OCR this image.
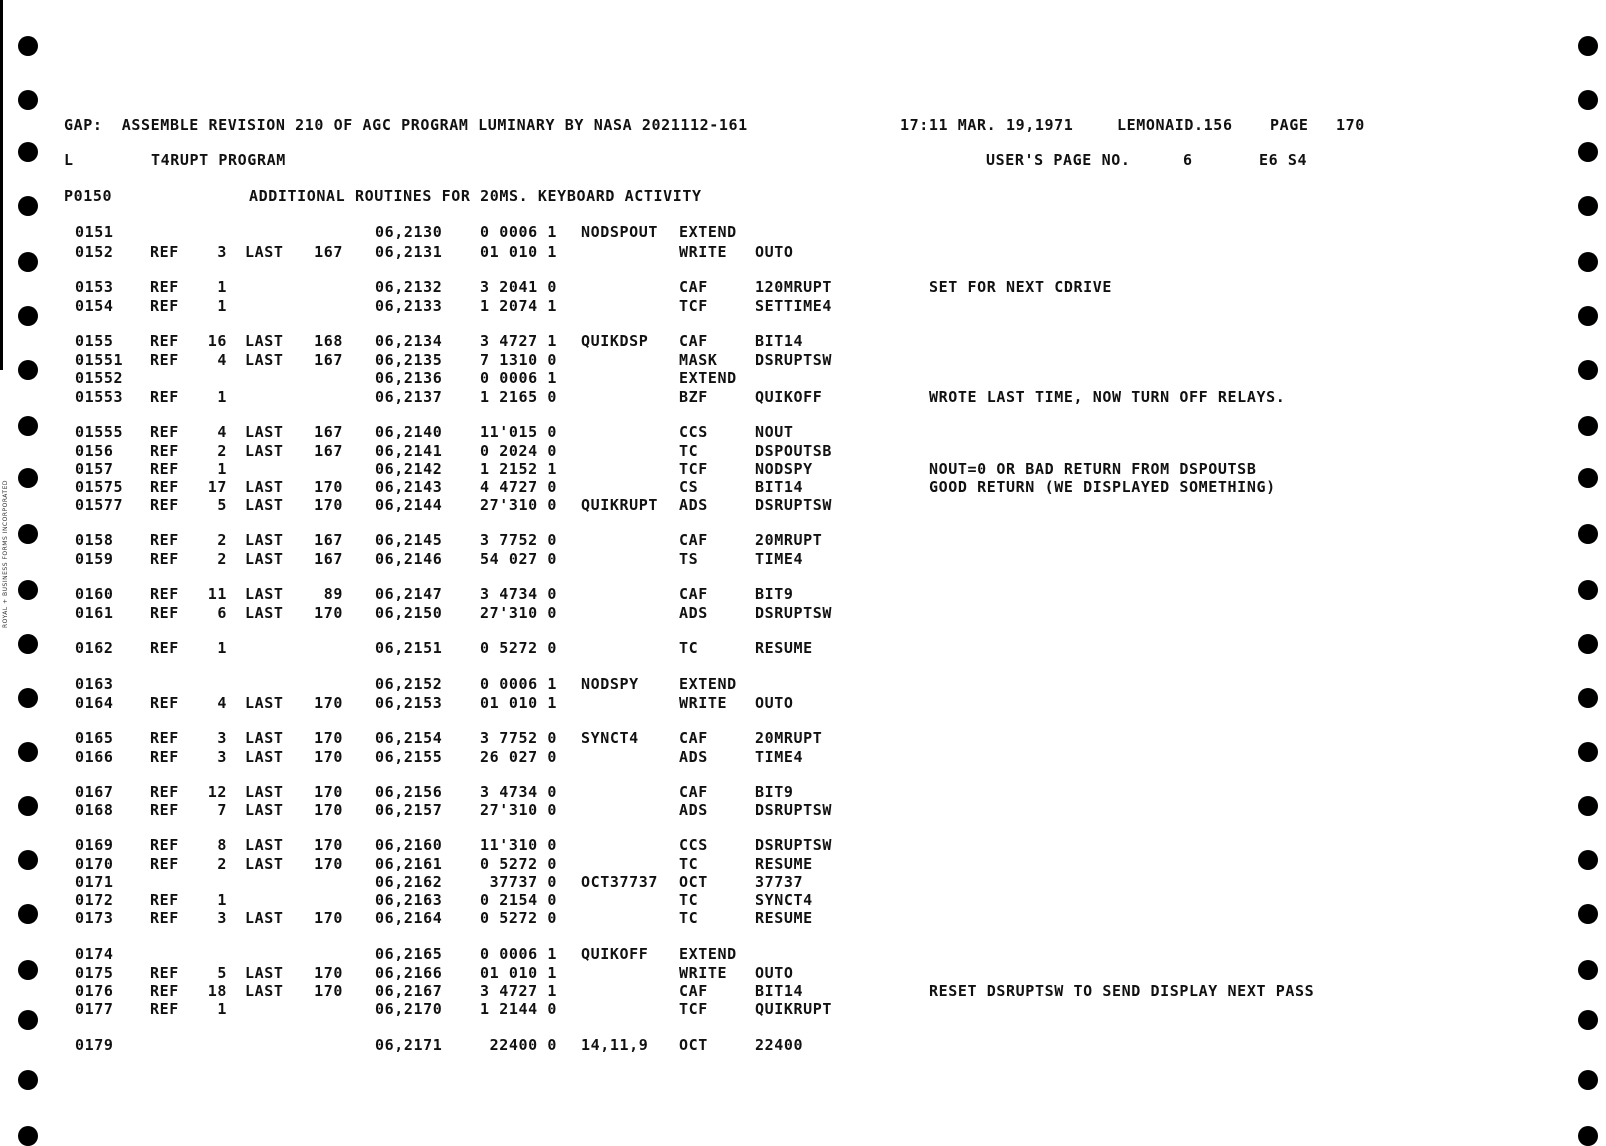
ROYAL + BUSINESS FORMS INCORPORATED
GAP:  ASSEMBLE REVISION 210 OF AGC PROGRAM LUMINARY BY NASA 2021112-161	17:11 MAR. 19,1971	LEMONAID.156 PAGE 170
L	T4RUPT PROGRAM	USER'S PAGE NO.	6	E6 S4
P0150	ADDITIONAL ROUTINES FOR 20MS. KEYBOARD ACTIVITY
0151	06,2130	0 0006 1 NODSPOUT EXTEND
0152 REF	3 LAST 167 06,2131	01 010 1	WRITE OUTO
0153 REF	1	06,2132	3 2041 0	CAF	120MRUPT	SET FOR NEXT CDRIVE
0154 REF	1	06,2133	1 2074 1	TCF	SETTIME4
0155 REF 16 LAST 168 06,2134	3 4727 1 QUIKDSP CAF	BIT14
01551 REF	4 LAST 167 06,2135	7 1310 0	MASK DSRUPTSW
01552	06,2136	0 0006 1	EXTEND
01553 REF	1	06,2137	1 2165 0	BZF	QUIKOFF	WROTE LAST TIME, NOW TURN OFF RELAYS.
01555 REF	4 LAST 167 06,2140	11'015 0	CCS	NOUT
0156 REF	2 LAST 167 06,2141	0 2024 0	TC	DSPOUTSB
0157 REF	1	06,2142	1 2152 1	TCF	NODSPY	NOUT=0 OR BAD RETURN FROM DSPOUTSB
01575 REF 17 LAST 170 06,2143	4 4727 0	CS	BIT14	GOOD RETURN (WE DISPLAYED SOMETHING)
01577 REF	5 LAST 170 06,2144	27'310 0 QUIKRUPT ADS	DSRUPTSW
0158 REF	2 LAST 167 06,2145	3 7752 0	CAF	20MRUPT
0159 REF	2 LAST 167 06,2146	54 027 0	TS	TIME4
0160 REF 11 LAST	89 06,2147	3 4734 0	CAF	BIT9
0161 REF	6 LAST 170 06,2150	27'310 0	ADS	DSRUPTSW
0162 REF	1	06,2151	0 5272 0	TC	RESUME
0163	06,2152	0 0006 1 NODSPY	EXTEND
0164 REF	4 LAST 170 06,2153	01 010 1	WRITE OUTO
0165 REF	3 LAST 170 06,2154	3 7752 0 SYNCT4	CAF	20MRUPT
0166 REF	3 LAST 170 06,2155	26 027 0	ADS	TIME4
0167 REF 12 LAST 170 06,2156	3 4734 0	CAF	BIT9
0168 REF	7 LAST 170 06,2157	27'310 0	ADS	DSRUPTSW
0169 REF	8 LAST 170 06,2160	11'310 0	CCS	DSRUPTSW
0170 REF	2 LAST 170 06,2161	0 5272 0	TC	RESUME
0171	06,2162	37737 0 OCT37737 OCT	37737
0172 REF	1	06,2163	0 2154 0	TC	SYNCT4
0173 REF	3 LAST 170 06,2164	0 5272 0	TC	RESUME
0174	06,2165	0 0006 1 QUIKOFF EXTEND
0175 REF	5 LAST 170 06,2166	01 010 1	WRITE OUTO
0176 REF 18 LAST 170 06,2167	3 4727 1	CAF	BIT14	RESET DSRUPTSW TO SEND DISPLAY NEXT PASS
0177 REF	1	06,2170	1 2144 0	TCF	QUIKRUPT
0179	06,2171	22400 0 14,11,9 OCT	22400
